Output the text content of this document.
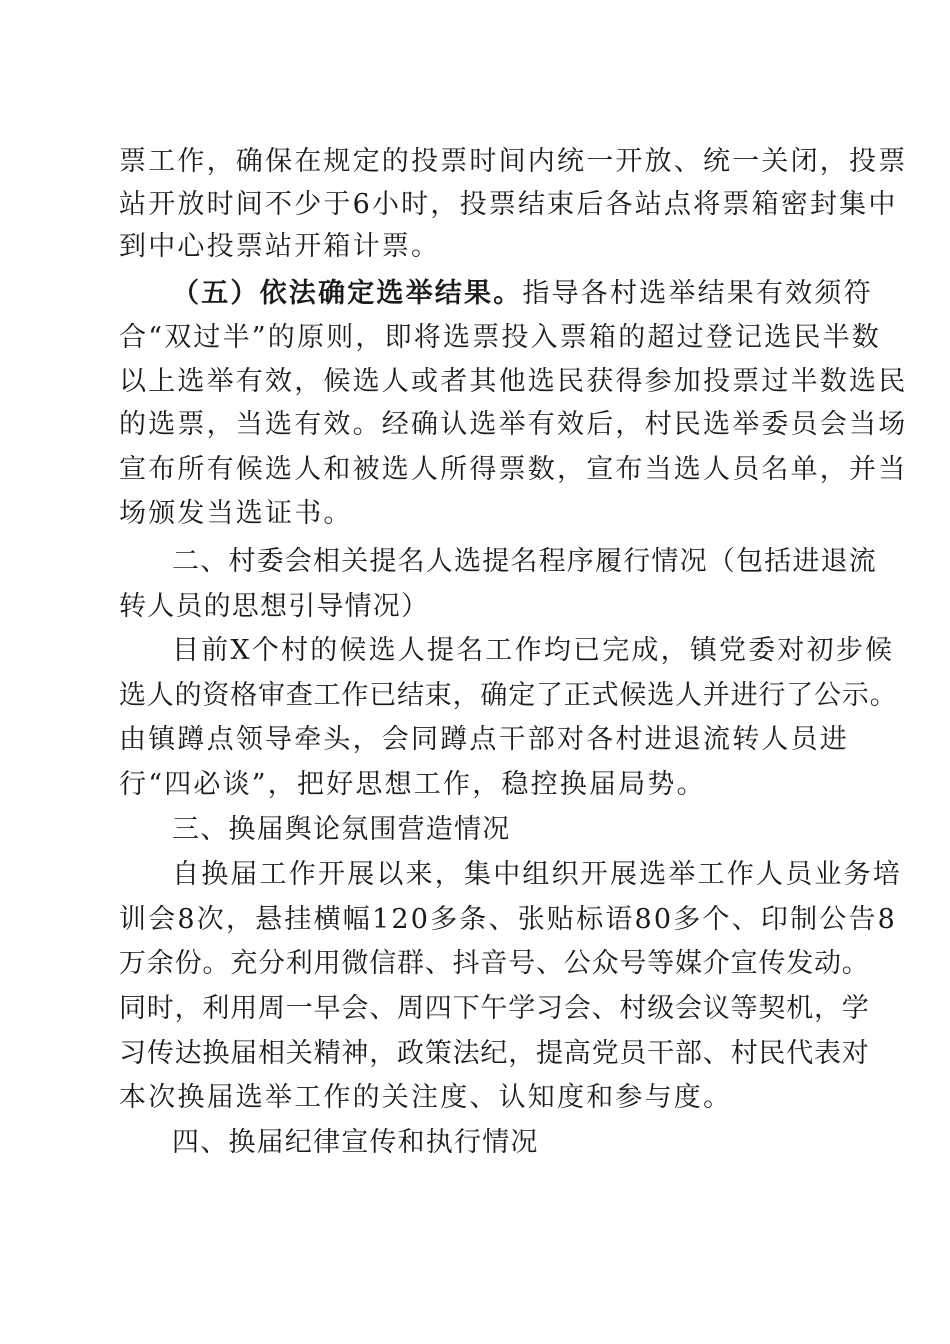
票工作，确保在规定的投票时间内统一开放、统一关闭，投票
站开放时间不少于6小时，投票结束后各站点将票箱密封集中
到中心投票站开箱计票。
（五）依法确定选举结果。指导各村选举结果有效须符
合“双过半”的原则，即将选票投入票箱的超过登记选民半数
以上选举有效，候选人或者其他选民获得参加投票过半数选民
的选票，当选有效。经确认选举有效后，村民选举委员会当场
宣布所有候选人和被选人所得票数，宣布当选人员名单，并当
场颁发当选证书。
二、村委会相关提名人选提名程序履行情况（包括进退流
转人员的思想引导情况）
目前X个村的候选人提名工作均已完成，镇党委对初步候
选人的资格审查工作已结束，确定了正式候选人并进行了公示。
由镇蹲点领导牵头，会同蹲点干部对各村进退流转人员进
行“四必谈”，把好思想工作，稳控换届局势。
三、换届舆论氛围营造情况
自换届工作开展以来，集中组织开展选举工作人员业务培
训会8次，悬挂横幅120多条、张贴标语80多个、印制公告8
万余份。充分利用微信群、抖音号、公众号等媒介宣传发动。
同时，利用周一早会、周四下午学习会、村级会议等契机，学
习传达换届相关精神，政策法纪，提高党员干部、村民代表对
本次换届选举工作的关注度、认知度和参与度。
四、换届纪律宣传和执行情况
